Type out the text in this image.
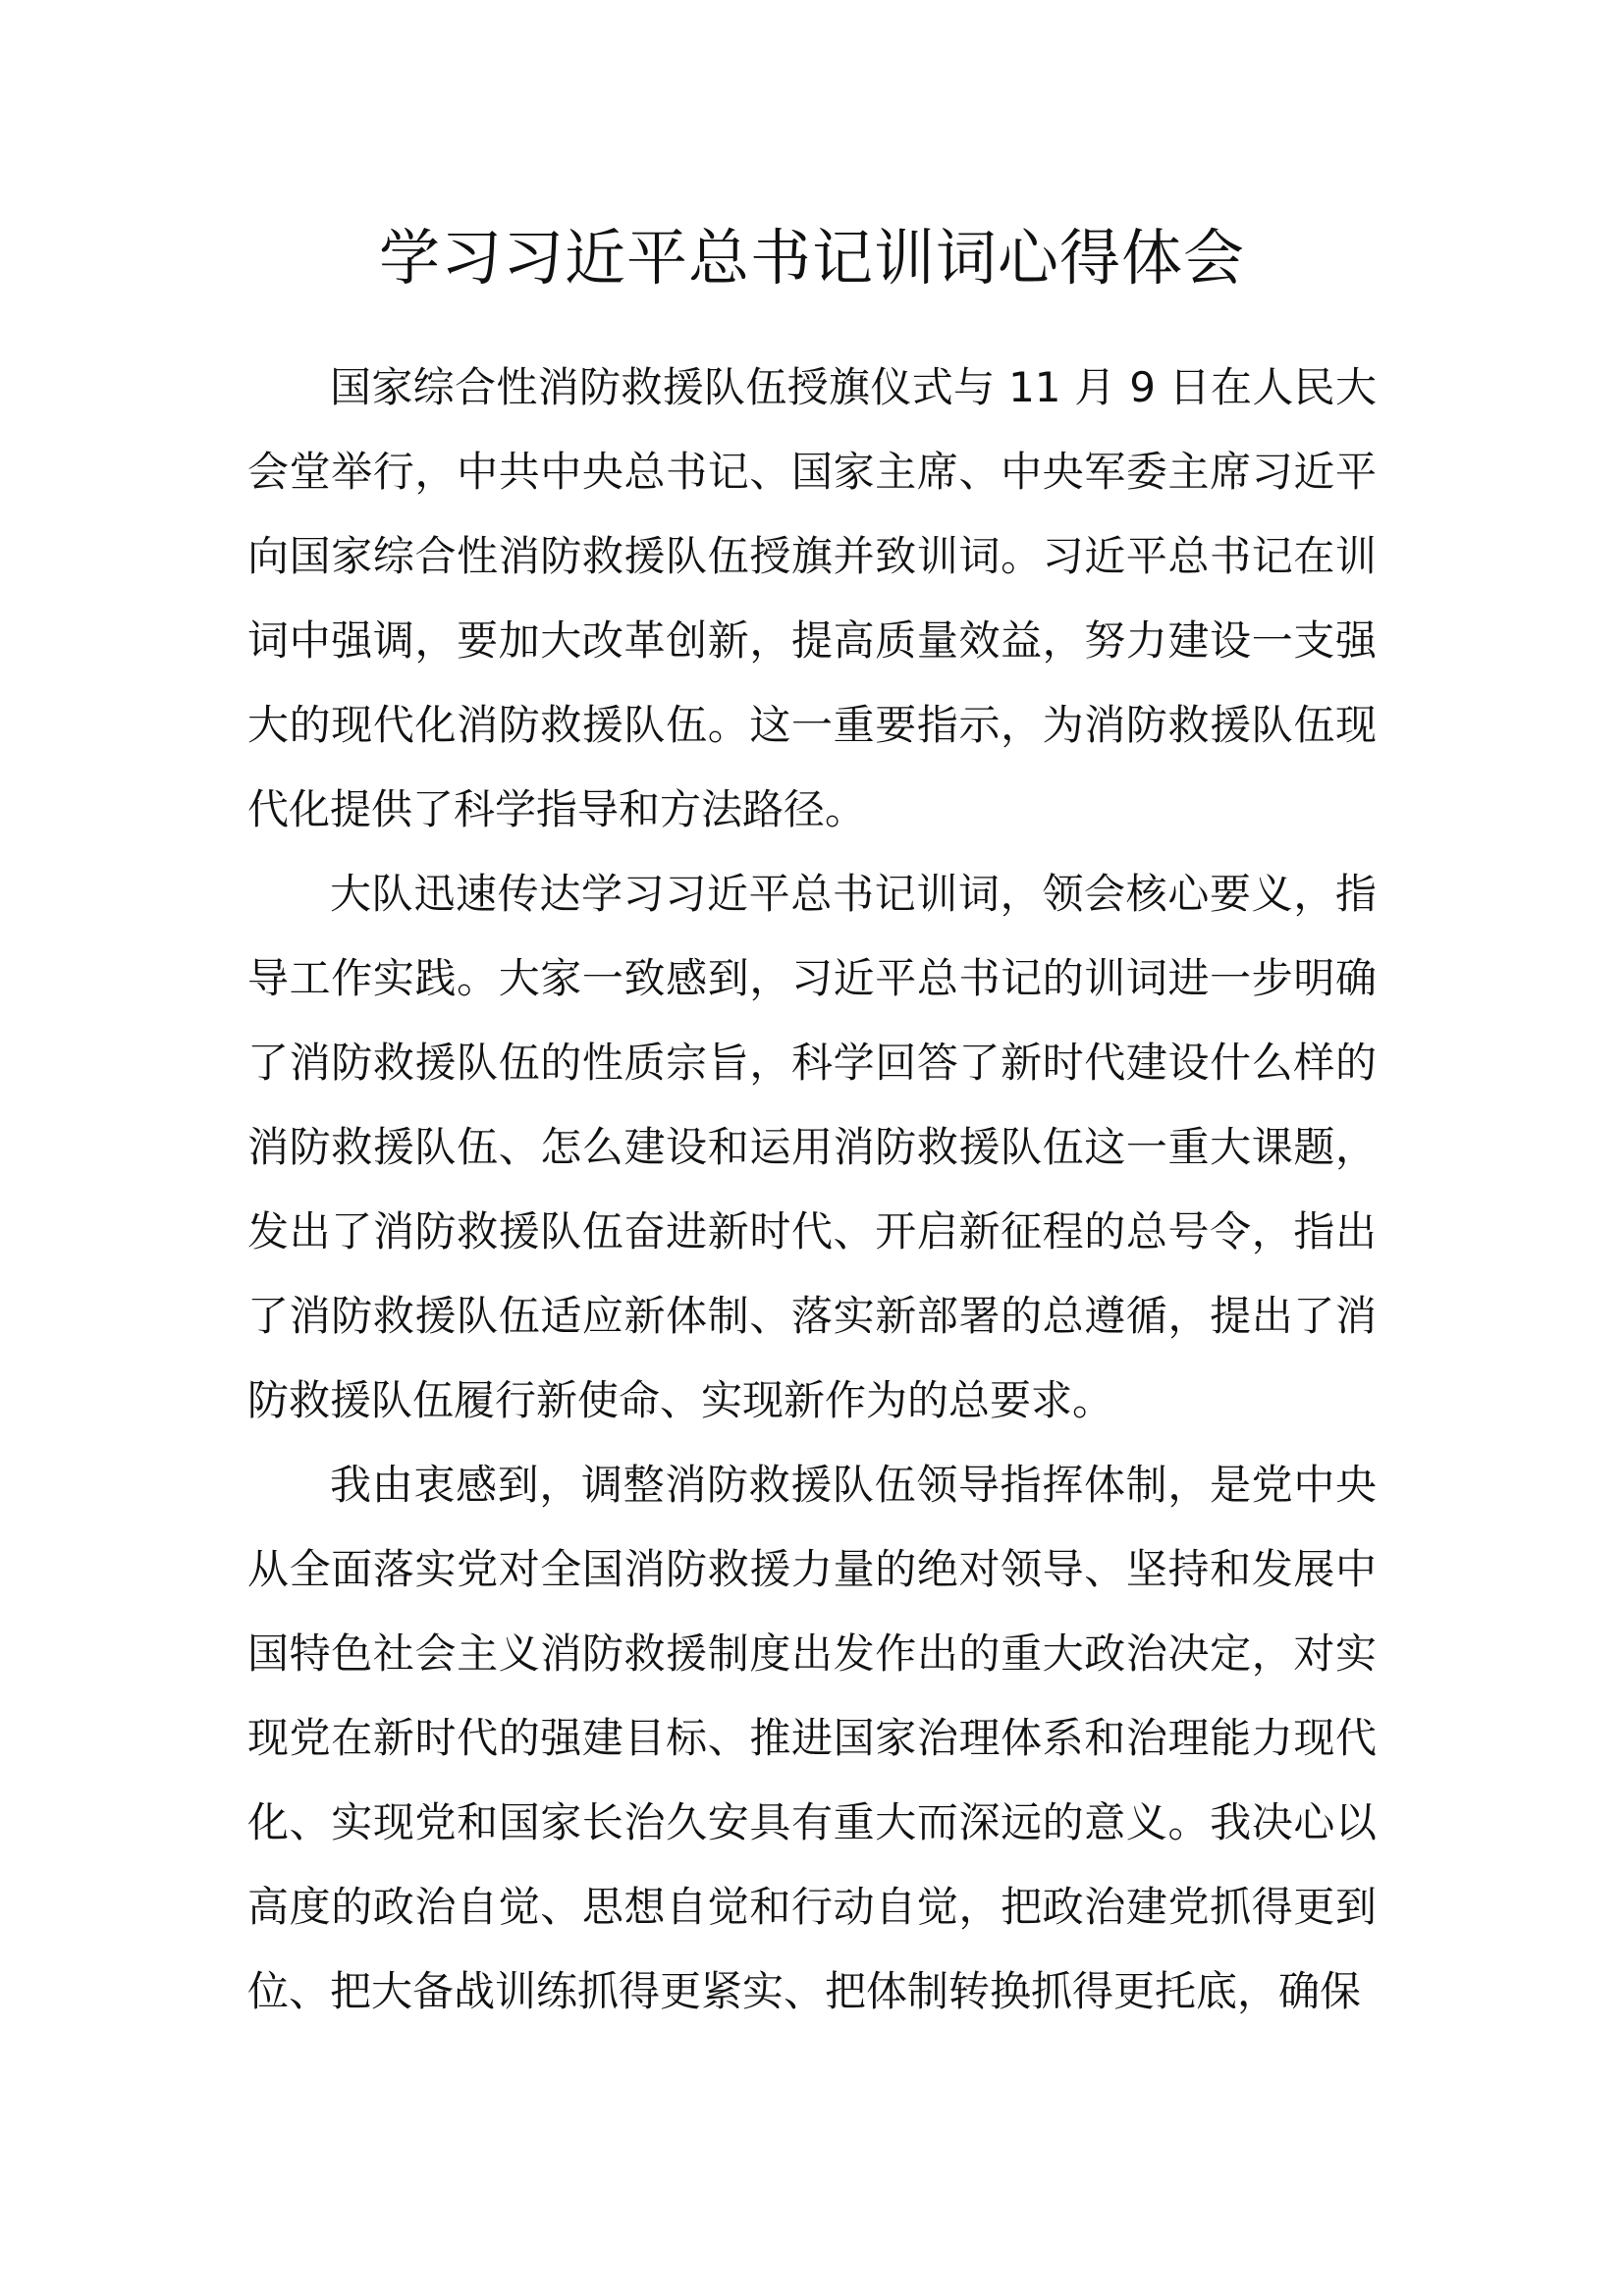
学习习近平总书记训词心得体会

国家综合性消防救援队伍授旗仪式与 11 月 9 日在人民大会堂举行，中共中央总书记、国家主席、中央军委主席习近平向国家综合性消防救援队伍授旗并致训词。习近平总书记在训词中强调，要加大改革创新，提高质量效益，努力建设一支强大的现代化消防救援队伍。这一重要指示，为消防救援队伍现代化提供了科学指导和方法路径。

大队迅速传达学习习近平总书记训词，领会核心要义，指导工作实践。大家一致感到，习近平总书记的训词进一步明确了消防救援队伍的性质宗旨，科学回答了新时代建设什么样的消防救援队伍、怎么建设和运用消防救援队伍这一重大课题，发出了消防救援队伍奋进新时代、开启新征程的总号令，指出了消防救援队伍适应新体制、落实新部署的总遵循，提出了消防救援队伍履行新使命、实现新作为的总要求。

我由衷感到，调整消防救援队伍领导指挥体制，是党中央从全面落实党对全国消防救援力量的绝对领导、坚持和发展中国特色社会主义消防救援制度出发作出的重大政治决定，对实现党在新时代的强建目标、推进国家治理体系和治理能力现代化、实现党和国家长治久安具有重大而深远的意义。我决心以高度的政治自觉、思想自觉和行动自觉，把政治建党抓得更到位、把大备战训练抓得更紧实、把体制转换抓得更托底，确保
